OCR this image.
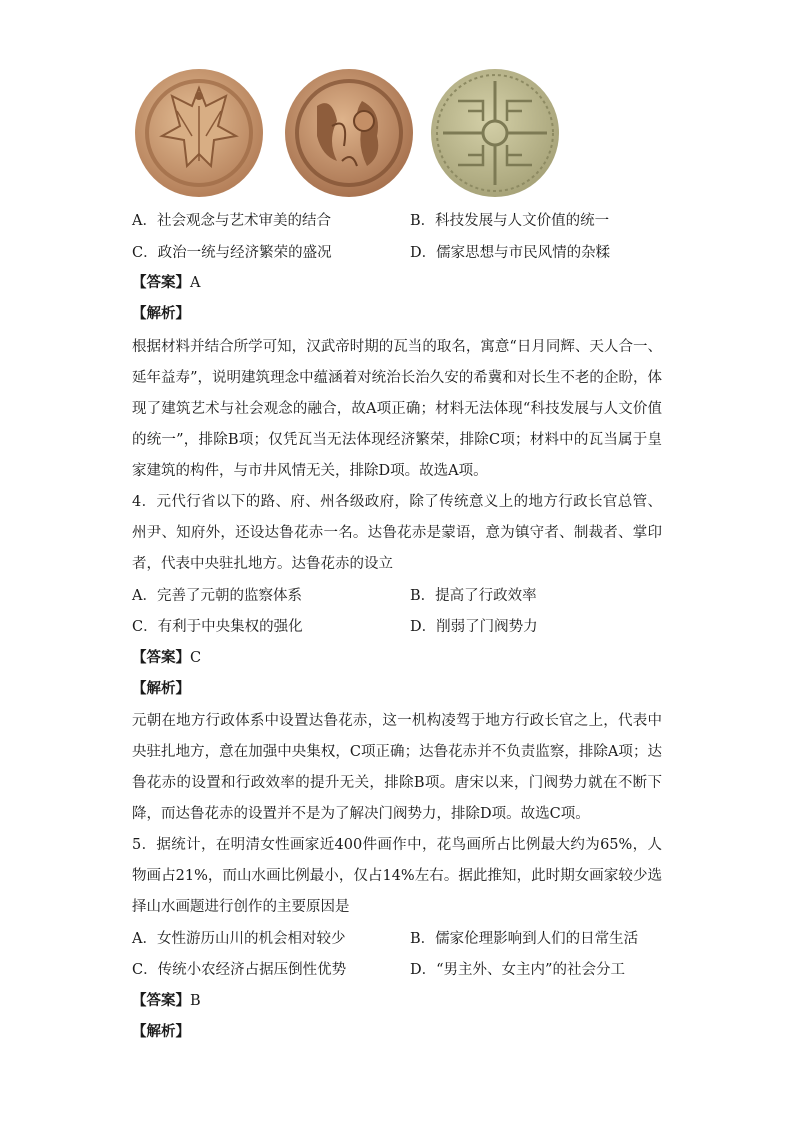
A．社会观念与艺术审美的结合	B．科技发展与人文价值的统一
C．政治一统与经济繁荣的盛况	D．儒家思想与市民风情的杂糅
【答案】A
【解析】
根据材料并结合所学可知，汉武帝时期的瓦当的取名，寓意“日月同辉、天人合一、延年益寿”，说明建筑理念中蕴涵着对统治长治久安的希冀和对长生不老的企盼，体现了建筑艺术与社会观念的融合，故A项正确；材料无法体现“科技发展与人文价值的统一”，排除B项；仅凭瓦当无法体现经济繁荣，排除C项；材料中的瓦当属于皇家建筑的构件，与市井风情无关，排除D项。故选A项。
4．元代行省以下的路、府、州各级政府，除了传统意义上的地方行政长官总管、州尹、知府外，还设达鲁花赤一名。达鲁花赤是蒙语，意为镇守者、制裁者、掌印者，代表中央驻扎地方。达鲁花赤的设立
A．完善了元朝的监察体系	B．提高了行政效率
C．有利于中央集权的强化	D．削弱了门阀势力
【答案】C
【解析】
元朝在地方行政体系中设置达鲁花赤，这一机构凌驾于地方行政长官之上，代表中央驻扎地方，意在加强中央集权，C项正确；达鲁花赤并不负责监察，排除A项；达鲁花赤的设置和行政效率的提升无关，排除B项。唐宋以来，门阀势力就在不断下降，而达鲁花赤的设置并不是为了解决门阀势力，排除D项。故选C项。
5．据统计，在明清女性画家近400件画作中，花鸟画所占比例最大约为65%，人物画占21%，而山水画比例最小，仅占14%左右。据此推知，此时期女画家较少选择山水画题进行创作的主要原因是
A．女性游历山川的机会相对较少	B．儒家伦理影响到人们的日常生活
C．传统小农经济占据压倒性优势	D．“男主外、女主内”的社会分工
【答案】B
【解析】
